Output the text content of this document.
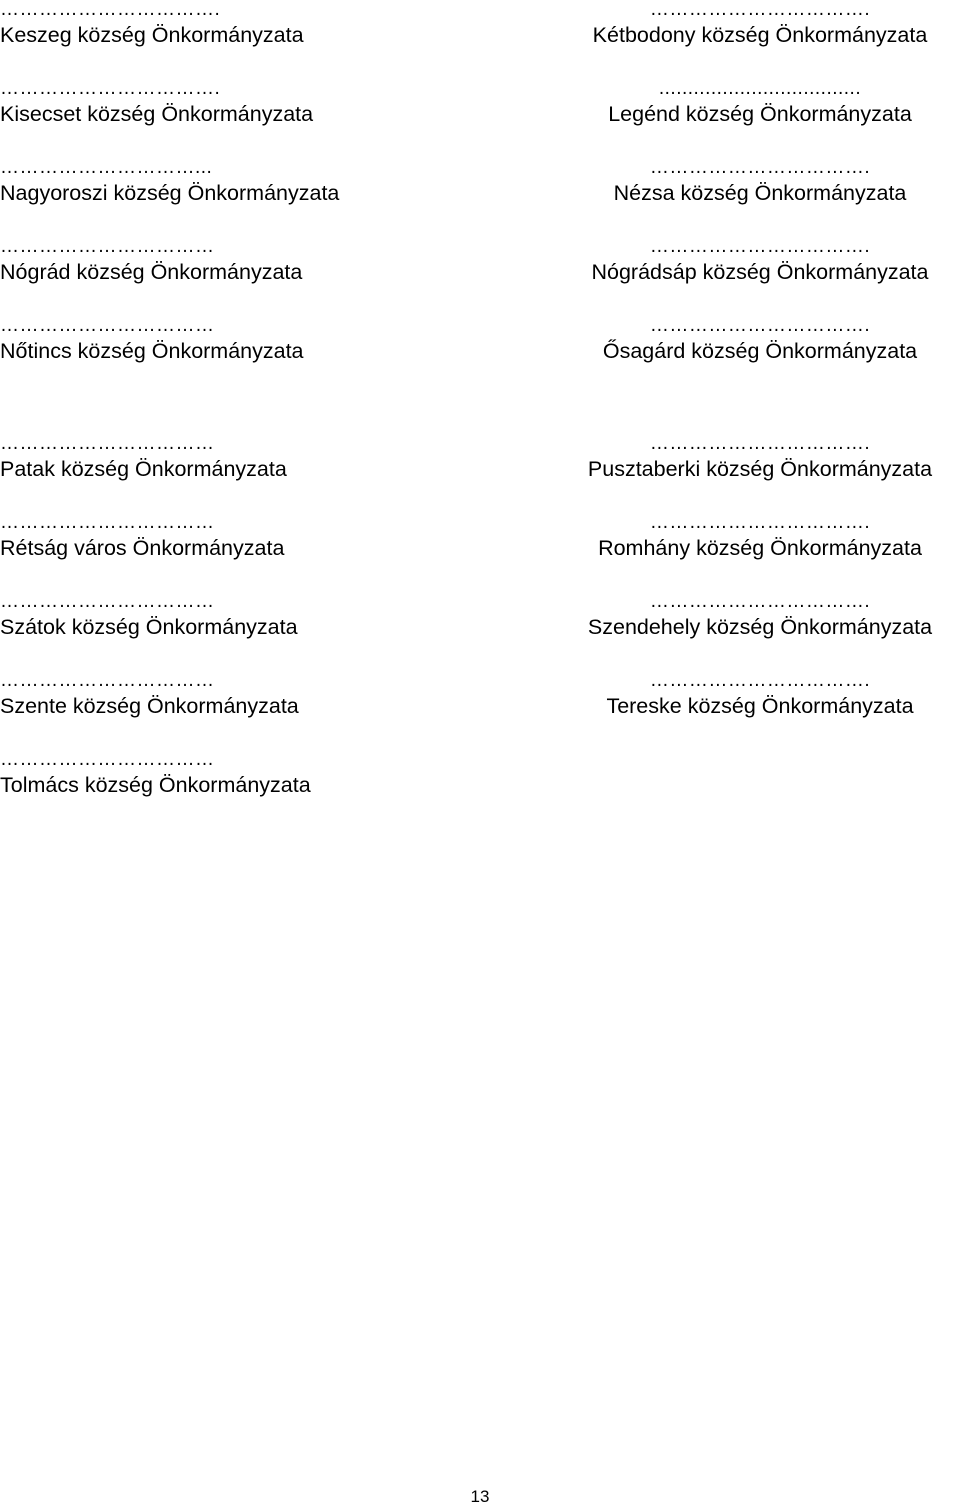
…………………………….
Keszeg község Önkormányzata
…………………………….
Kisecset község Önkormányzata
…………………………...
Nagyoroszi község Önkormányzata
……………………………
Nógrád község Önkormányzata
……………………………
Nőtincs község Önkormányzata
……………………………
Patak község Önkormányzata
……………………………
Rétság város Önkormányzata
……………………………
Szátok község Önkormányzata
……………………………
Szente község Önkormányzata
……………………………
Tolmács község Önkormányzata
…………………………….
Kétbodony község Önkormányzata
...................................
Legénd község Önkormányzata
…………………………….
Nézsa község Önkormányzata
…………………………….
Nógrádsáp község Önkormányzata
…………………………….
Ősagárd község Önkormányzata
…………………………….
Pusztaberki község Önkormányzata
…………………………….
Romhány község Önkormányzata
…………………………….
Szendehely község Önkormányzata
…………………………….
Tereske község Önkormányzata
13
